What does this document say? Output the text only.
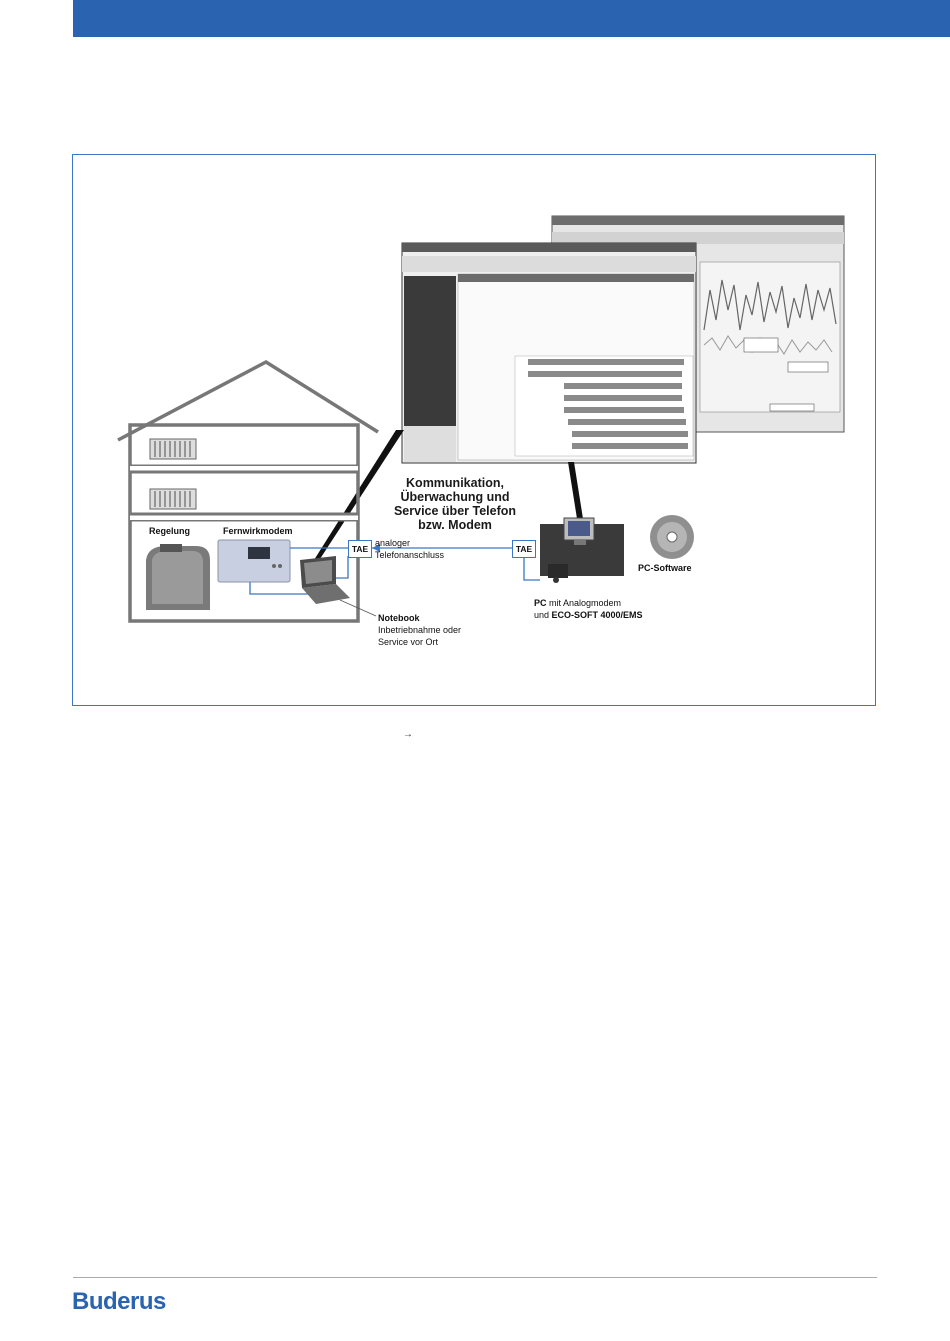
Kommunikation,
Überwachung und
Service über Telefon
bzw. Modem
Regelung	Fernwirkmodem
TAE	TAE
analoger
Telefonanschluss
Notebook
Inbetriebnahme oder
Service vor Ort
PC mit Analogmodem
und ECO-SOFT 4000/EMS
PC-Software
→
Buderus
